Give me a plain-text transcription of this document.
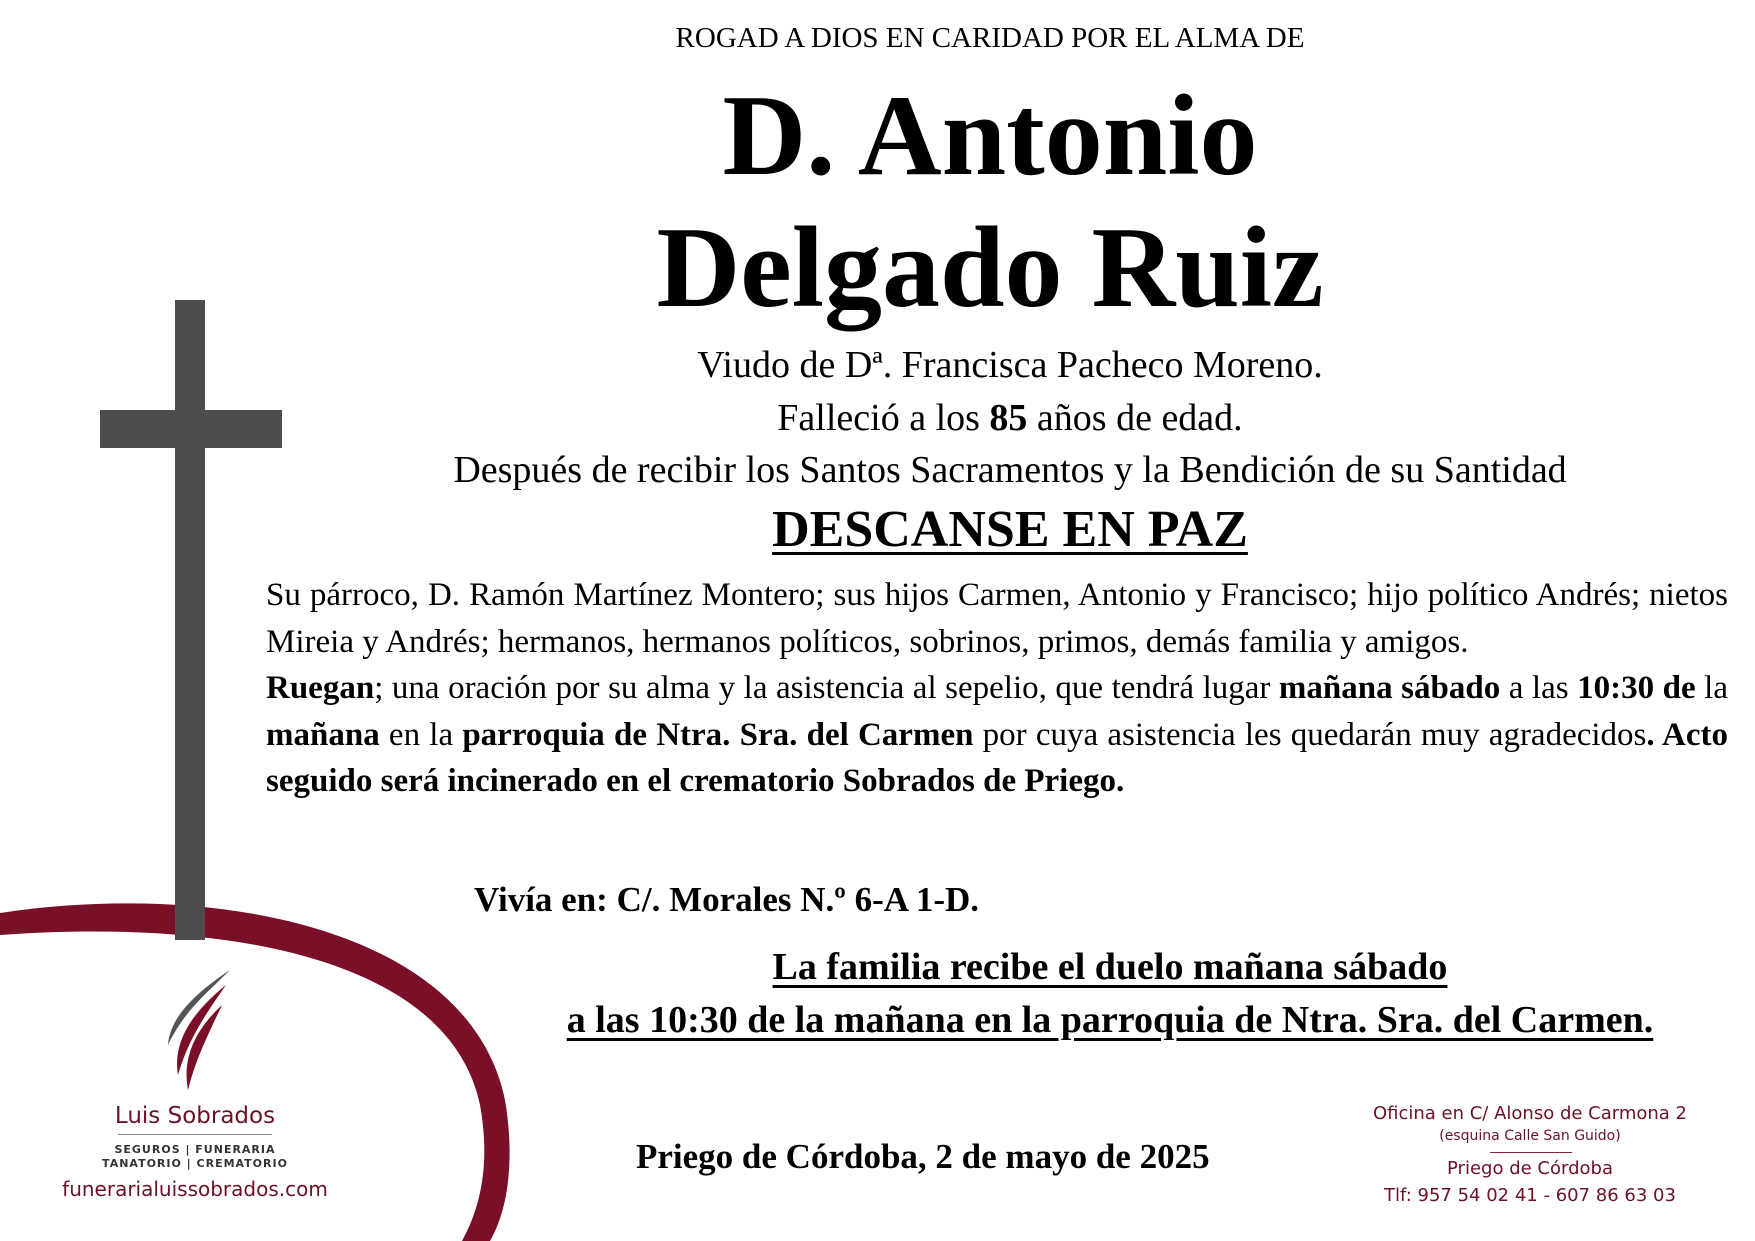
ROGAD A DIOS EN CARIDAD POR EL ALMA DE
D. Antonio
Delgado Ruiz
Viudo de Dª. Francisca Pacheco Moreno.
Falleció a los 85 años de edad.
Después de recibir los Santos Sacramentos y la Bendición de su Santidad
DESCANSE EN PAZ

Su párroco, D. Ramón Martínez Montero; sus hijos Carmen, Antonio y Francisco; hijo político Andrés; nietos Mireia y Andrés; hermanos, hermanos políticos, sobrinos, primos, demás familia y amigos.

Ruegan; una oración por su alma y la asistencia al sepelio, que tendrá lugar mañana sábado a las 10:30 de la mañana en la parroquia de Ntra. Sra. del Carmen por cuya asistencia les quedarán muy agradecidos. Acto seguido será incinerado en el crematorio Sobrados de Priego.

Vivía en: C/. Morales N.º 6-A 1-D.
La familia recibe el duelo mañana sábado
a las 10:30 de la mañana en la parroquia de Ntra. Sra. del Carmen.
Priego de Córdoba, 2 de mayo de 2025
Luis Sobrados
SEGUROS | FUNERARIA
TANATORIO | CREMATORIO
funerarialuissobrados.com
Oficina en C/ Alonso de Carmona 2
(esquina Calle San Guido)
Priego de Córdoba
Tlf: 957 54 02 41 - 607 86 63 03
